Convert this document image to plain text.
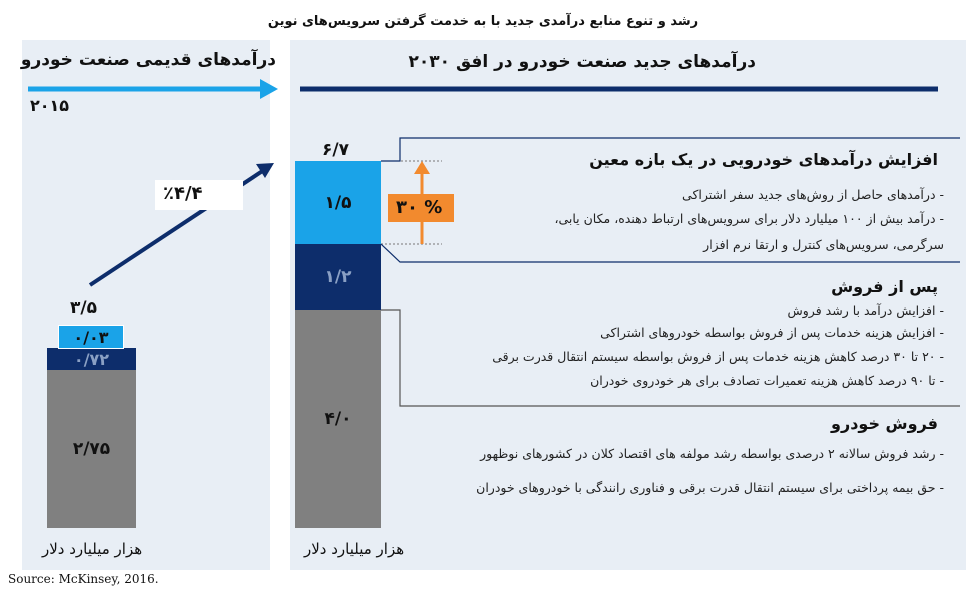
رشد و تنوع منابع درآمدی جدید با به خدمت گرفتن سرویس‌های نوین
درآمدهای قدیمی صنعت خودرو	درآمدهای جدید صنعت خودرو در افق ۲۰۳۰
۲۰۱۵
٪۴/۴
۳/۵
۲/۷۵
۰/۷۲
۰/۰۳
هزار میلیارد دلار
۶/۷
۱/۵
۱/۲
۴/۰
هزار میلیارد دلار
۳۰ %
افزایش درآمدهای خودرویی در یک بازه معین
- درآمدهای حاصل از روش‌های جدید سفر اشتراکی
- درآمد بیش از ۱۰۰ میلیارد دلار برای سرویس‌های ارتباط دهنده، مکان یابی،
سرگرمی، سرویس‌های کنترل و ارتقا نرم افزار
پس از فروش
- افزایش درآمد با رشد فروش
- افزایش هزینه خدمات پس از فروش بواسطه خودروهای اشتراکی
- ۲۰ تا ۳۰ درصد کاهش هزینه خدمات پس از فروش بواسطه سیستم انتقال قدرت برقی
- تا ۹۰ درصد کاهش هزینه تعمیرات تصادف برای هر خودروی خودران
فروش خودرو
- رشد فروش سالانه ۲ درصدی بواسطه رشد مولفه های اقتصاد کلان در کشورهای نوظهور
- حق بیمه پرداختی برای سیستم انتقال قدرت برقی و فناوری رانندگی با خودروهای خودران
Source: McKinsey, 2016.
